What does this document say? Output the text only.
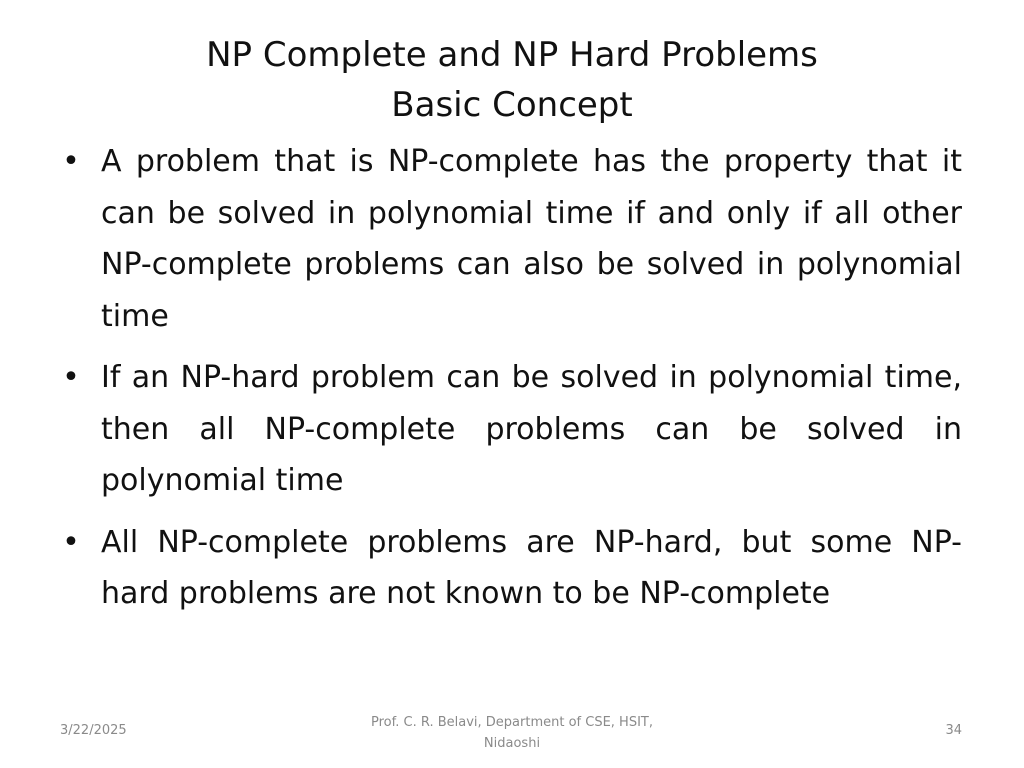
NP Complete and NP Hard Problems
Basic Concept
• A problem that is NP-complete has the property that it can be solved in polynomial time if and only if all other NP-complete problems can also be solved in polynomial time
• If an NP-hard problem can be solved in polynomial time, then all NP-complete problems can be solved in polynomial time
• All NP-complete problems are NP-hard, but some NP-hard problems are not known to be NP-complete
3/22/2025
Prof. C. R. Belavi, Department of CSE, HSIT,
Nidaoshi
34
